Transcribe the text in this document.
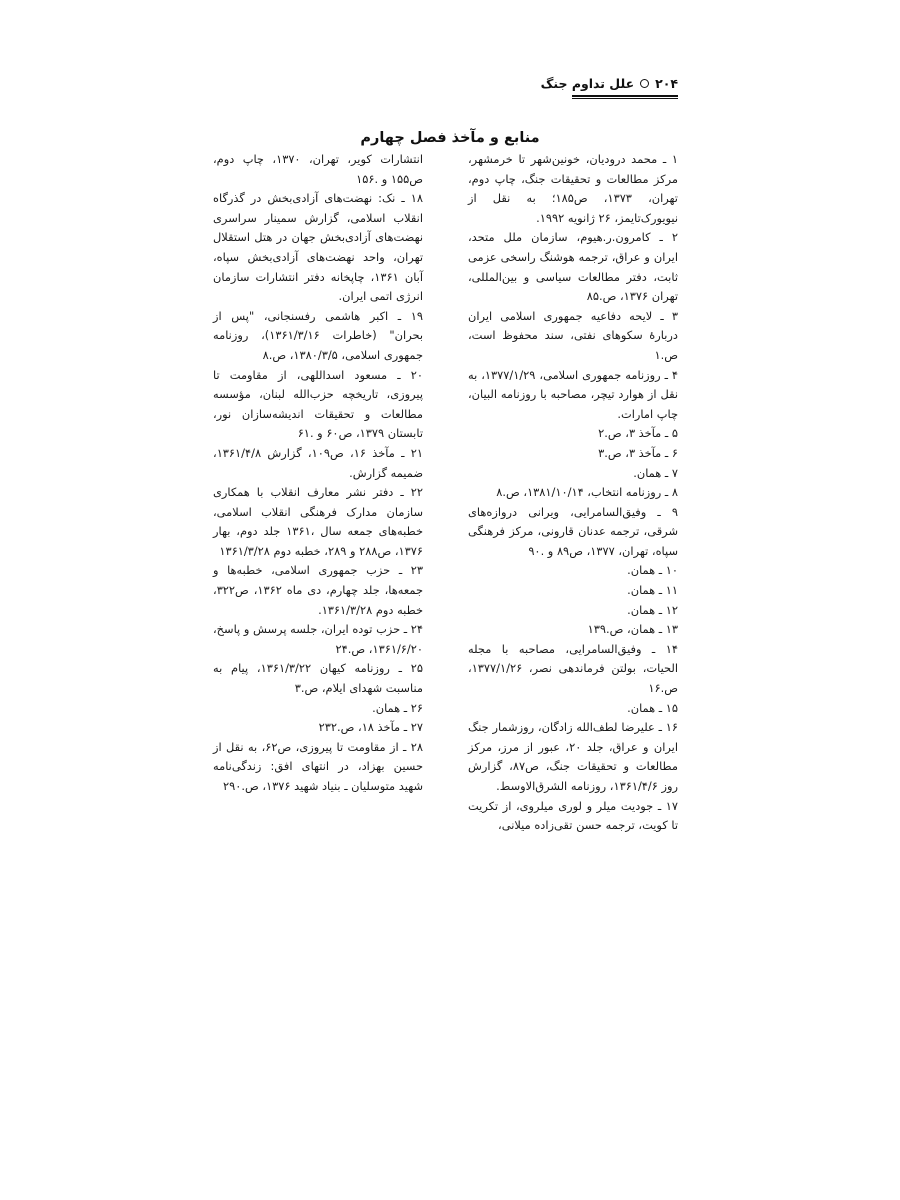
۲۰۴
علل تداوم جنگ
منابع و مآخذ فصل چهارم

۱ ـ محمد درودیان، خونین‌شهر تا خرمشهر، مرکز مطالعات و تحقیقات جنگ، چاپ دوم، تهران، ۱۳۷۳، ص۱۸۵؛ به نقل از نیویورک‌تایمز، ۲۶ ژانویه ۱۹۹۲.

۲ ـ کامرون.ر.هیوم، سازمان ملل متحد، ایران و عراق، ترجمه هوشنگ راسخی عزمی ثابت، دفتر مطالعات سیاسی و بین‌المللی، تهران ۱۳۷۶، ص.۸۵

۳ ـ لایحه دفاعیه جمهوری اسلامی ایران دربارهٔ سکوهای نفتی، سند محفوظ است، ص.۱

۴ ـ روزنامه جمهوری اسلامی، ۱۳۷۷/۱/۲۹، به نقل از هوارد تیچر، مصاحبه با روزنامه البیان، چاپ امارات.

۵ ـ مآخذ ۳، ص.۲

۶ ـ مآخذ ۳، ص.۳

۷ ـ همان.

۸ ـ روزنامه انتخاب، ۱۳۸۱/۱۰/۱۴، ص.۸

۹ ـ وفیق‌السامرایی، ویرانی دروازه‌های شرقی، ترجمه عدنان قارونی، مرکز فرهنگی سپاه، تهران، ۱۳۷۷، ص۸۹ و .۹۰

۱۰ ـ همان.

۱۱ ـ همان.

۱۲ ـ همان.

۱۳ ـ همان، ص.۱۳۹

۱۴ ـ وفیق‌السامرایی، مصاحبه با مجله الحیات، بولتن فرماندهی نصر، ۱۳۷۷/۱/۲۶، ص.۱۶

۱۵ ـ همان.

۱۶ ـ علیرضا لطف‌الله زادگان، روزشمار جنگ ایران و عراق، جلد ۲۰، عبور از مرز، مرکز مطالعات و تحقیقات جنگ، ص۸۷، گزارش روز ۱۳۶۱/۴/۶، روزنامه الشرق‌الاوسط.

۱۷ ـ جودیت میلر و لوری میلروی، از تکریت تا کویت، ترجمه حسن تقی‌زاده میلانی،

انتشارات کویر، تهران، ۱۳۷۰، چاپ دوم، ص۱۵۵ و .۱۵۶

۱۸ ـ نک: نهضت‌های آزادی‌بخش در گذرگاه انقلاب اسلامی، گزارش سمینار سراسری نهضت‌های آزادی‌بخش جهان در هتل استقلال تهران، واحد نهضت‌های آزادی‌بخش سپاه، آبان ۱۳۶۱، چاپخانه دفتر انتشارات سازمان انرژی اتمی ایران.

۱۹ ـ اکبر هاشمی رفسنجانی، "پس از بحران" (خاطرات ۱۳۶۱/۳/۱۶)، روزنامه جمهوری اسلامی، ۱۳۸۰/۳/۵، ص.۸

۲۰ ـ مسعود اسداللهی، از مقاومت تا پیروزی، تاریخچه حزب‌الله لبنان، مؤسسه مطالعات و تحقیقات اندیشه‌سازان نور، تابستان ۱۳۷۹، ص۶۰ و .۶۱

۲۱ ـ مآخذ ۱۶، ص۱۰۹، گزارش ۱۳۶۱/۴/۸، ضمیمه گزارش.

۲۲ ـ دفتر نشر معارف انقلاب با همکاری سازمان مدارک فرهنگی انقلاب اسلامی، خطبه‌های جمعه سال ،۱۳۶۱ جلد دوم، بهار ۱۳۷۶، ص۲۸۸ و ۲۸۹، خطبه دوم ۱۳۶۱/۳/۲۸

۲۳ ـ حزب جمهوری اسلامی، خطبه‌ها و جمعه‌ها، جلد چهارم، دی ماه ۱۳۶۲، ص۳۲۲، خطبه دوم ۱۳۶۱/۳/۲۸.

۲۴ ـ حزب توده ایران، جلسه پرسش و پاسخ، ۱۳۶۱/۶/۲۰، ص.۲۴

۲۵ ـ روزنامه کیهان ۱۳۶۱/۳/۲۲، پیام به مناسبت شهدای ایلام، ص.۳

۲۶ ـ همان.

۲۷ ـ مآخذ ۱۸، ص.۲۳۲

۲۸ ـ از مقاومت تا پیروزی، ص۶۲، به نقل از حسین بهزاد، در انتهای افق: زندگی‌نامه شهید متوسلیان ـ بنیاد شهید ۱۳۷۶، ص.۲۹۰
